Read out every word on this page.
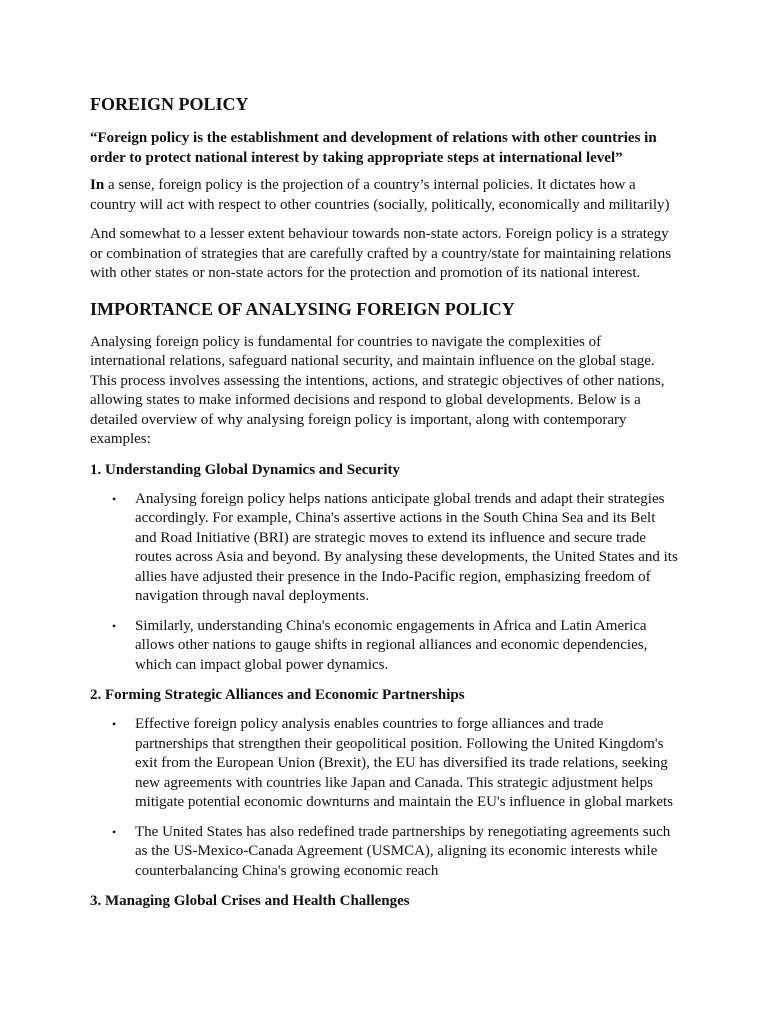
FOREIGN POLICY
“Foreign policy is the establishment and development of relations with other countries in order to protect national interest by taking appropriate steps at international level”
In a sense, foreign policy is the projection of a country’s internal policies. It dictates how a country will act with respect to other countries (socially, politically, economically and militarily)
And somewhat to a lesser extent behaviour towards non-state actors. Foreign policy is a strategy or combination of strategies that are carefully crafted by a country/state for maintaining relations with other states or non-state actors for the protection and promotion of its national interest.
IMPORTANCE OF ANALYSING FOREIGN POLICY
Analysing foreign policy is fundamental for countries to navigate the complexities of international relations, safeguard national security, and maintain influence on the global stage. This process involves assessing the intentions, actions, and strategic objectives of other nations, allowing states to make informed decisions and respond to global developments. Below is a detailed overview of why analysing foreign policy is important, along with contemporary examples:
1. Understanding Global Dynamics and Security
• Analysing foreign policy helps nations anticipate global trends and adapt their strategies accordingly. For example, China's assertive actions in the South China Sea and its Belt and Road Initiative (BRI) are strategic moves to extend its influence and secure trade routes across Asia and beyond. By analysing these developments, the United States and its allies have adjusted their presence in the Indo-Pacific region, emphasizing freedom of navigation through naval deployments.
• Similarly, understanding China's economic engagements in Africa and Latin America allows other nations to gauge shifts in regional alliances and economic dependencies, which can impact global power dynamics.
2. Forming Strategic Alliances and Economic Partnerships
• Effective foreign policy analysis enables countries to forge alliances and trade partnerships that strengthen their geopolitical position. Following the United Kingdom's exit from the European Union (Brexit), the EU has diversified its trade relations, seeking new agreements with countries like Japan and Canada. This strategic adjustment helps mitigate potential economic downturns and maintain the EU's influence in global markets
• The United States has also redefined trade partnerships by renegotiating agreements such as the US-Mexico-Canada Agreement (USMCA), aligning its economic interests while counterbalancing China's growing economic reach
3. Managing Global Crises and Health Challenges
